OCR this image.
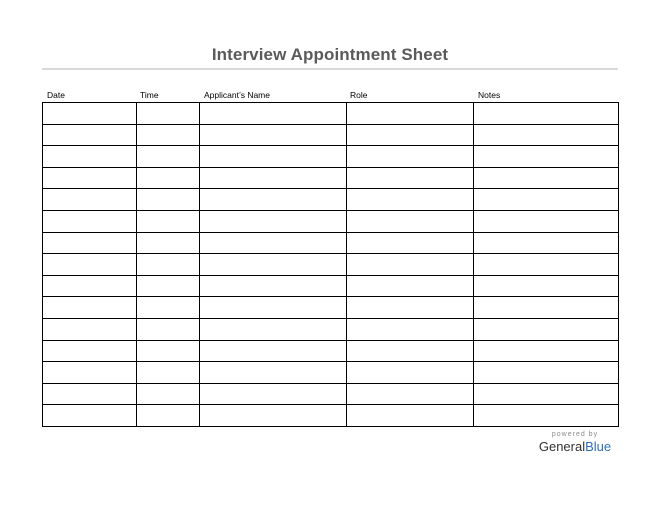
Interview Appointment Sheet
Date	Time	Applicant’s Name	Role	Notes

powered by
GeneralBlue
